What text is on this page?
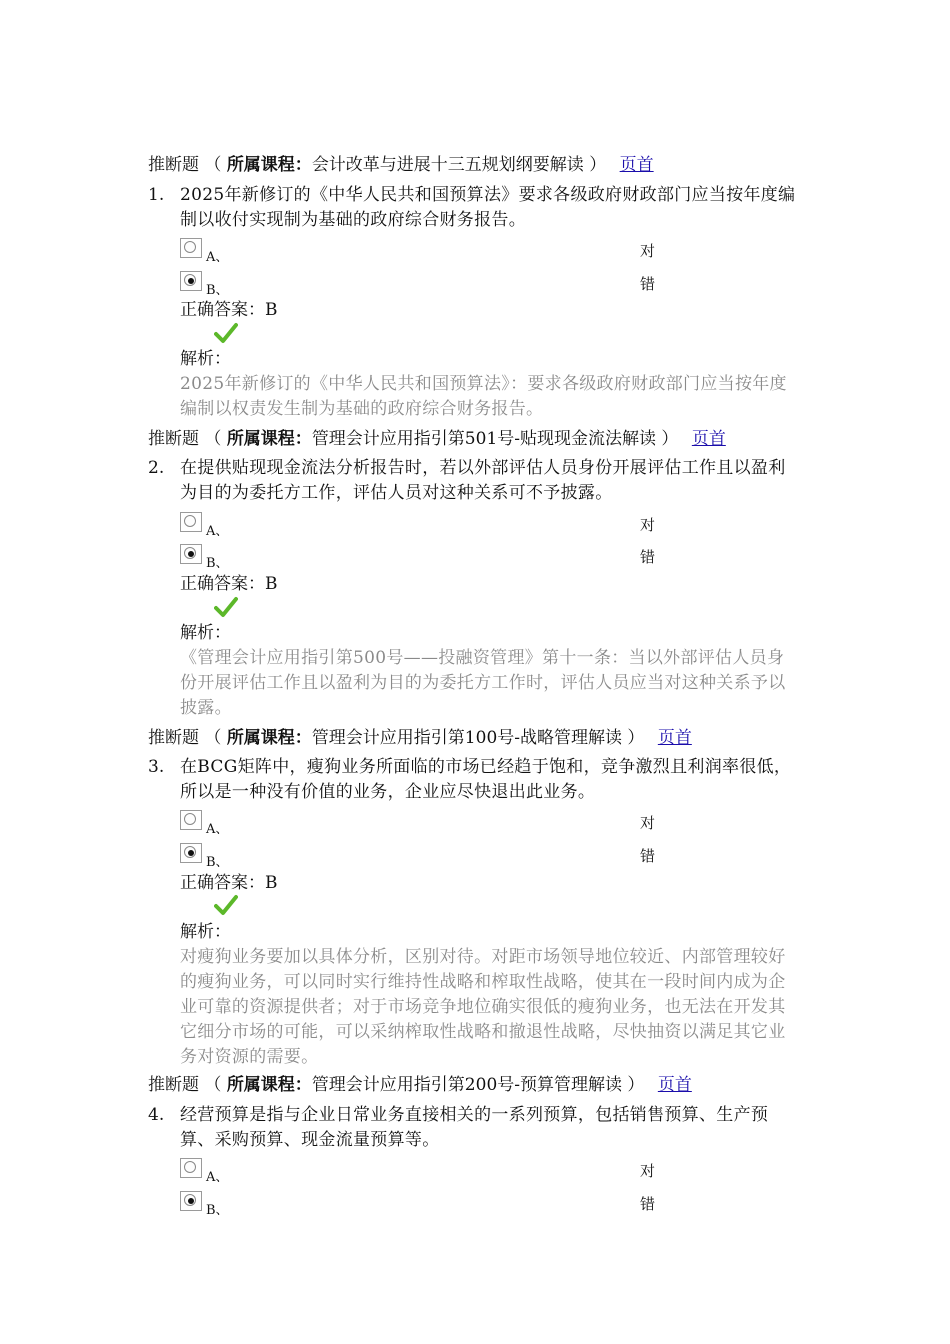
推断题 （ 所属课程：会计改革与进展十三五规划纲要解读 ） 页首
1. 2025年新修订的《中华人民共和国预算法》要求各级政府财政部门应当按年度编制以收付实现制为基础的政府综合财务报告。
A、	对
B、	错
正确答案：B
解析：
2025年新修订的《中华人民共和国预算法》：要求各级政府财政部门应当按年度编制以权责发生制为基础的政府综合财务报告。
推断题 （ 所属课程：管理会计应用指引第501号-贴现现金流法解读 ） 页首
2. 在提供贴现现金流法分析报告时，若以外部评估人员身份开展评估工作且以盈利为目的为委托方工作，评估人员对这种关系可不予披露。
A、	对
B、	错
正确答案：B
解析：
《管理会计应用指引第500号——投融资管理》第十一条：当以外部评估人员身份开展评估工作且以盈利为目的为委托方工作时，评估人员应当对这种关系予以披露。
推断题 （ 所属课程：管理会计应用指引第100号-战略管理解读 ） 页首
3. 在BCG矩阵中，瘦狗业务所面临的市场已经趋于饱和，竞争激烈且利润率很低，所以是一种没有价值的业务，企业应尽快退出此业务。
A、	对
B、	错
正确答案：B
解析：
对瘦狗业务要加以具体分析，区别对待。对距市场领导地位较近、内部管理较好的瘦狗业务，可以同时实行维持性战略和榨取性战略，使其在一段时间内成为企业可靠的资源提供者；对于市场竞争地位确实很低的瘦狗业务，也无法在开发其它细分市场的可能，可以采纳榨取性战略和撤退性战略，尽快抽资以满足其它业务对资源的需要。
推断题 （ 所属课程：管理会计应用指引第200号-预算管理解读 ） 页首
4. 经营预算是指与企业日常业务直接相关的一系列预算，包括销售预算、生产预算、采购预算、现金流量预算等。
A、	对
B、	错
